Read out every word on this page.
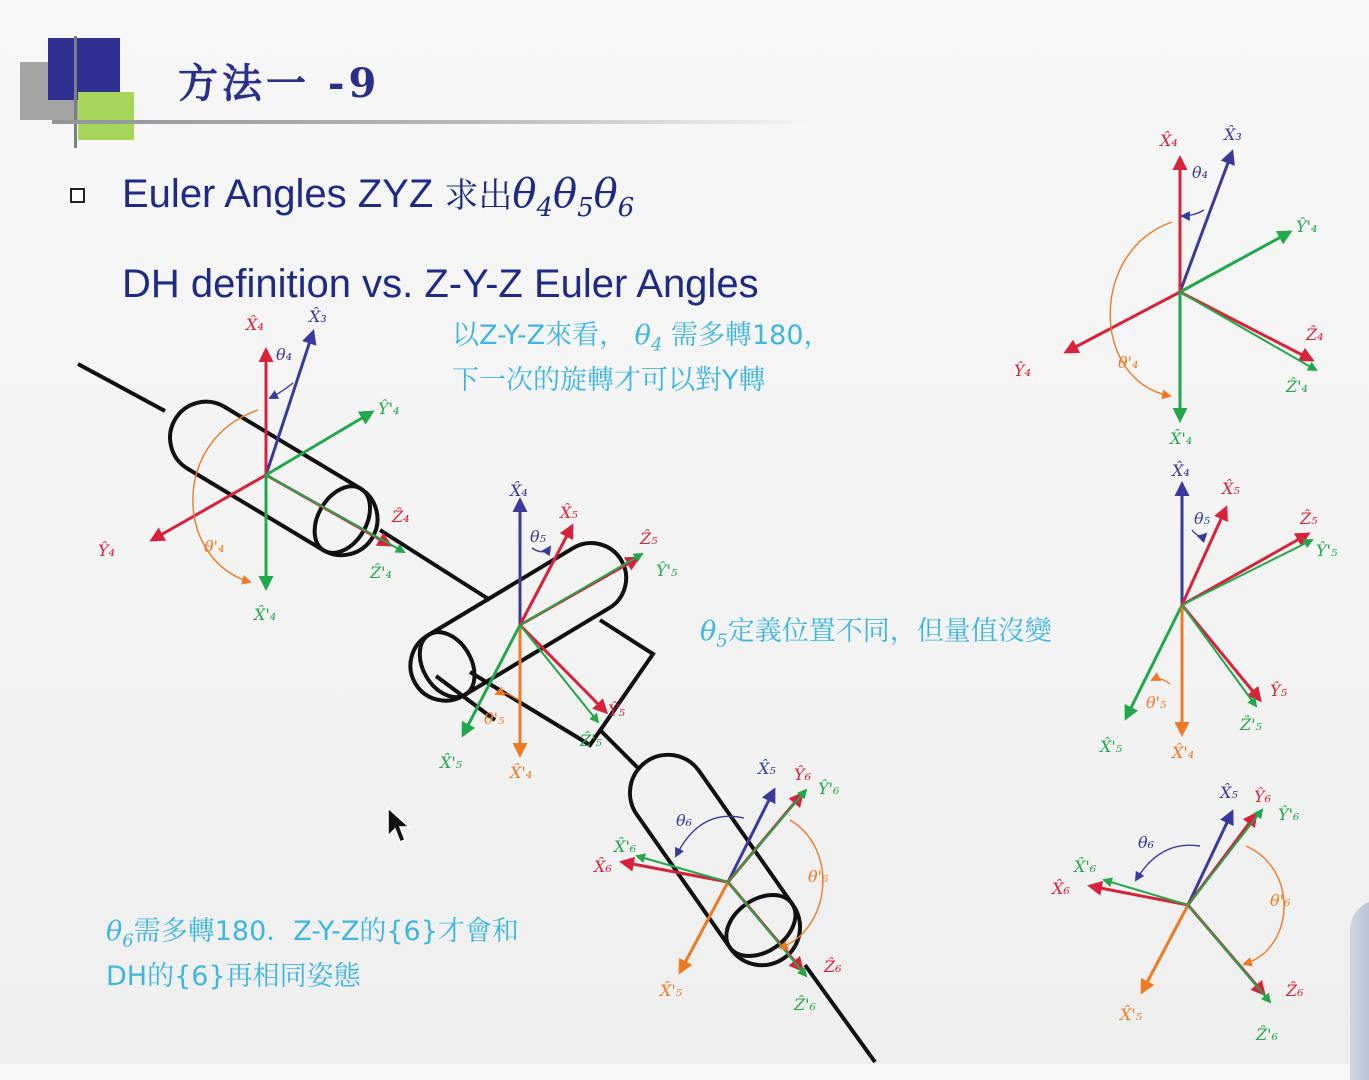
方法一 -9

Euler Angles ZYZ 求出$\theta_4\theta_5\theta_6$

DH definition vs. Z-Y-Z Euler Angles

以Z-Y-Z來看， $\theta_4$ 需多轉180，
下一次的旋轉才可以對Y轉

$\theta_5$定義位置不同，但量值沒變

$\theta_6$需多轉180．Z-Y-Z的{6}才會和
DH的{6}再相同姿態

X̂₄	X̂₃
θ₄
Ŷ'₄
Ŷ₄	θ'₄
Ẑ₄
Ẑ'₄
X̂'₄
X̂₄
X̂₅
θ₅	Ẑ₅
Ŷ'₅
θ'₅	Ŷ₅
Ẑ'₅
X̂'₅
X̂'₄	X̂₅ Ŷ₆
Ŷ'₆
θ₆
X̂'₆
X̂₆
θ'₆
Ẑ₆
X̂'₅
Ẑ'₆
X̂₄	X̂₃
θ₄
Ŷ'₄
Ẑ₄
θ'₄
Ŷ₄
Ẑ'₄
X̂'₄
X̂₄
X̂₅
θ₅	Ẑ₅
Ŷ'₅
Ŷ₅
θ'₅
Ẑ'₅
X̂'₅	X̂'₄
X̂₅ Ŷ₆
Ŷ'₆
θ₆
X̂'₆
X̂₆
θ'₆
Ẑ₆
X̂'₅
Ẑ'₆
